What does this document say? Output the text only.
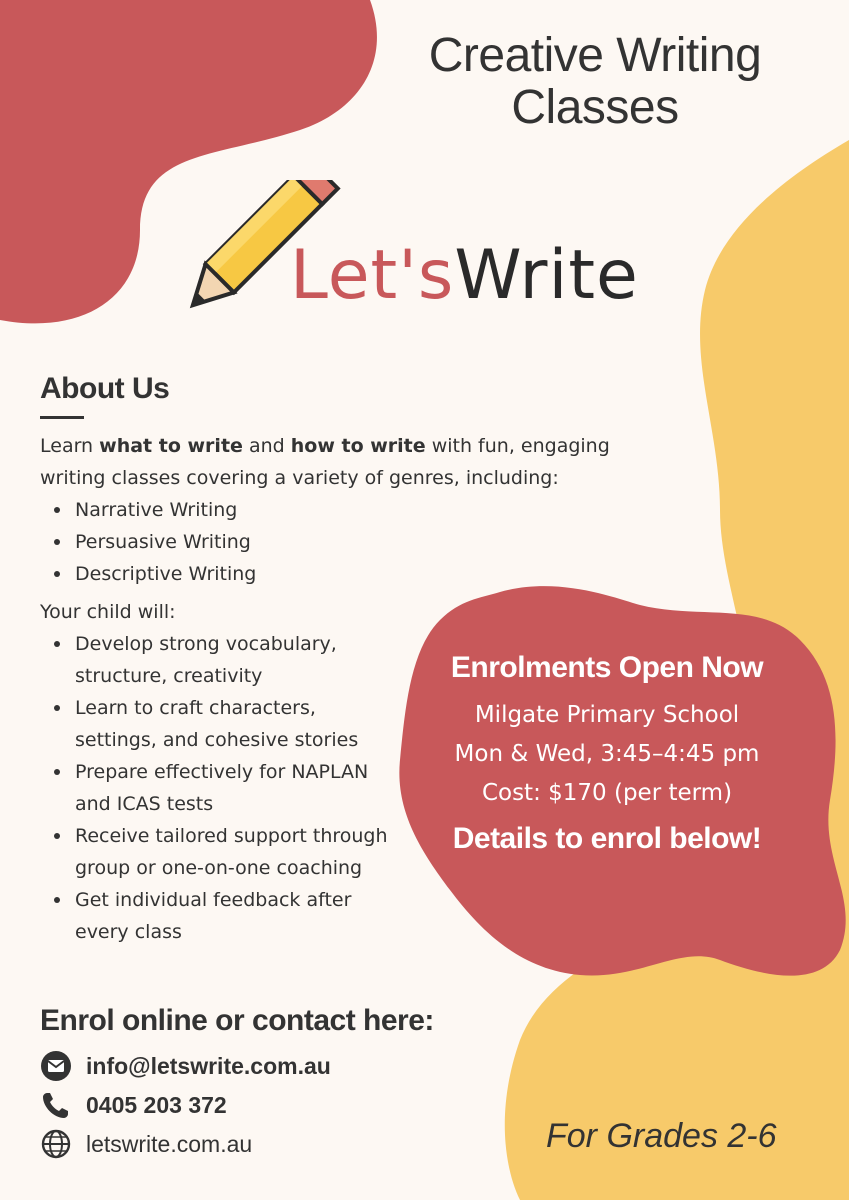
Creative Writing
Classes
Let'sWrite
About Us

Learn what to write and how to write with fun, engaging writing classes covering a variety of genres, including:

Narrative Writing
Persuasive Writing
Descriptive Writing

Your child will:

Develop strong vocabulary, structure, creativity
Learn to craft characters, settings, and cohesive stories
Prepare effectively for NAPLAN and ICAS tests
Receive tailored support through group or one-on-one coaching
Get individual feedback after every class
Enrolments Open Now
Milgate Primary School
Mon & Wed, 3:45–4:45 pm
Cost: $170 (per term)
Details to enrol below!
Enrol online or contact here:
info@letswrite.com.au
0405 203 372
letswrite.com.au	For Grades 2-6
